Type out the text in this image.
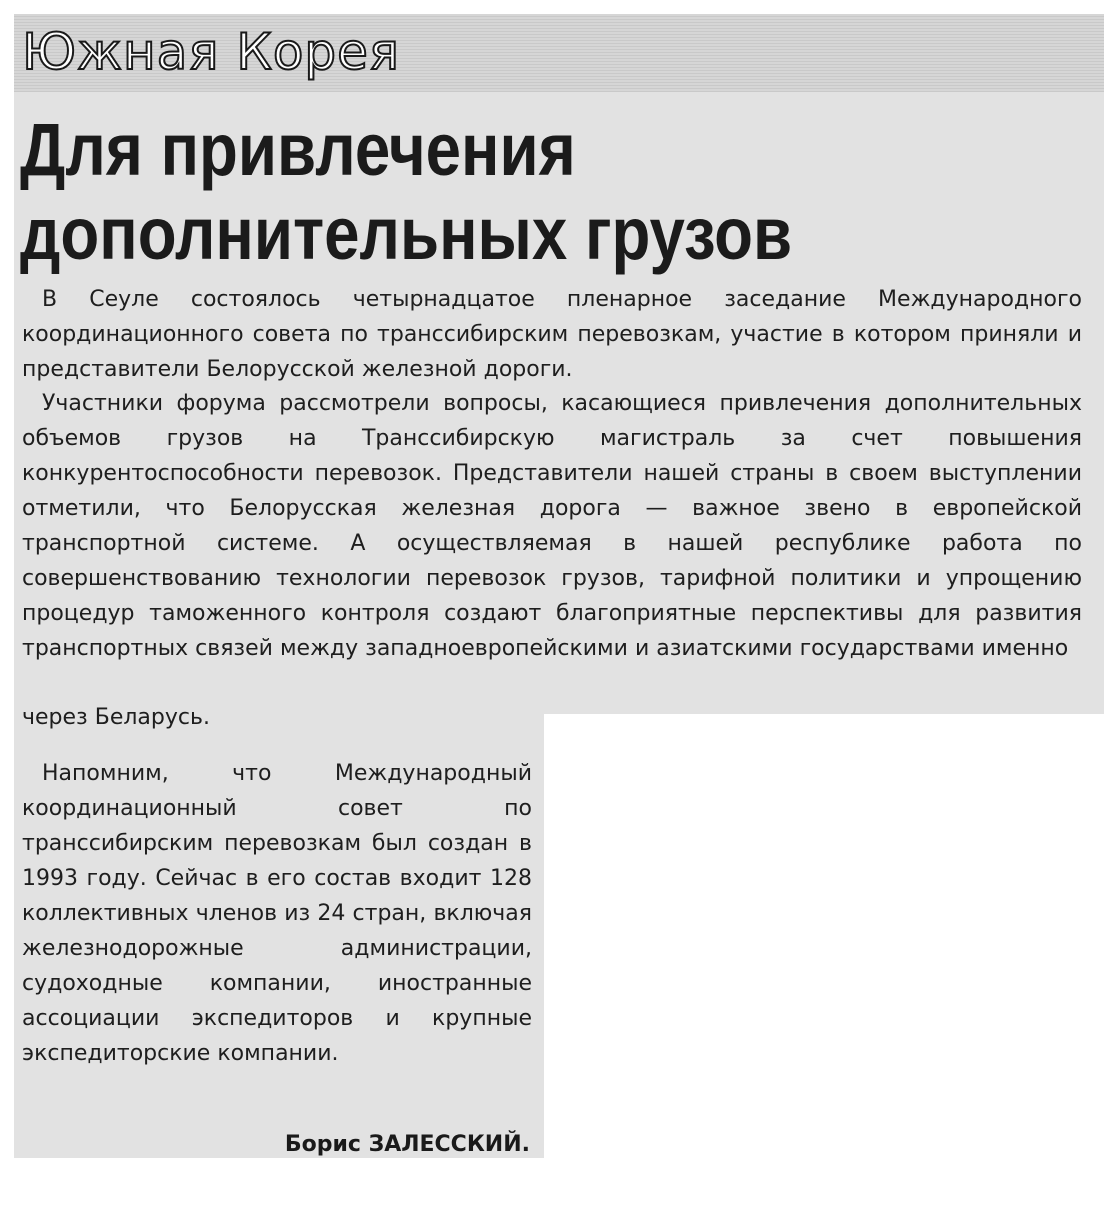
Южная Корея
Для привлечения
дополнительных грузов

В Сеуле состоялось четырнадцатое пленарное заседание Международного координационного совета по транссибирским перевозкам, участие в котором приняли и представители Белорусской железной дороги.

Участники форума рассмотрели вопросы, касающиеся привлечения дополнительных объемов грузов на Транссибирскую магистраль за счет повышения конкурентоспособности перевозок. Представители нашей страны в своем выступлении отметили, что Белорусская железная дорога — важное звено в европейской транспортной системе. А осуществляемая в нашей республике работа по совершенствованию технологии перевозок грузов, тарифной политики и упрощению процедур таможенного контроля создают благоприятные перспективы для развития транспортных связей между западноевропейскими и азиатскими государствами именно

через Беларусь.

Напомним, что Международный координационный совет по транссибирским перевозкам был создан в 1993 году. Сейчас в его состав входит 128 коллективных членов из 24 стран, включая железнодорожные администрации, судоходные компании, иностранные ассоциации экспедиторов и крупные экспедиторские компании.

Борис ЗАЛЕССКИЙ.
